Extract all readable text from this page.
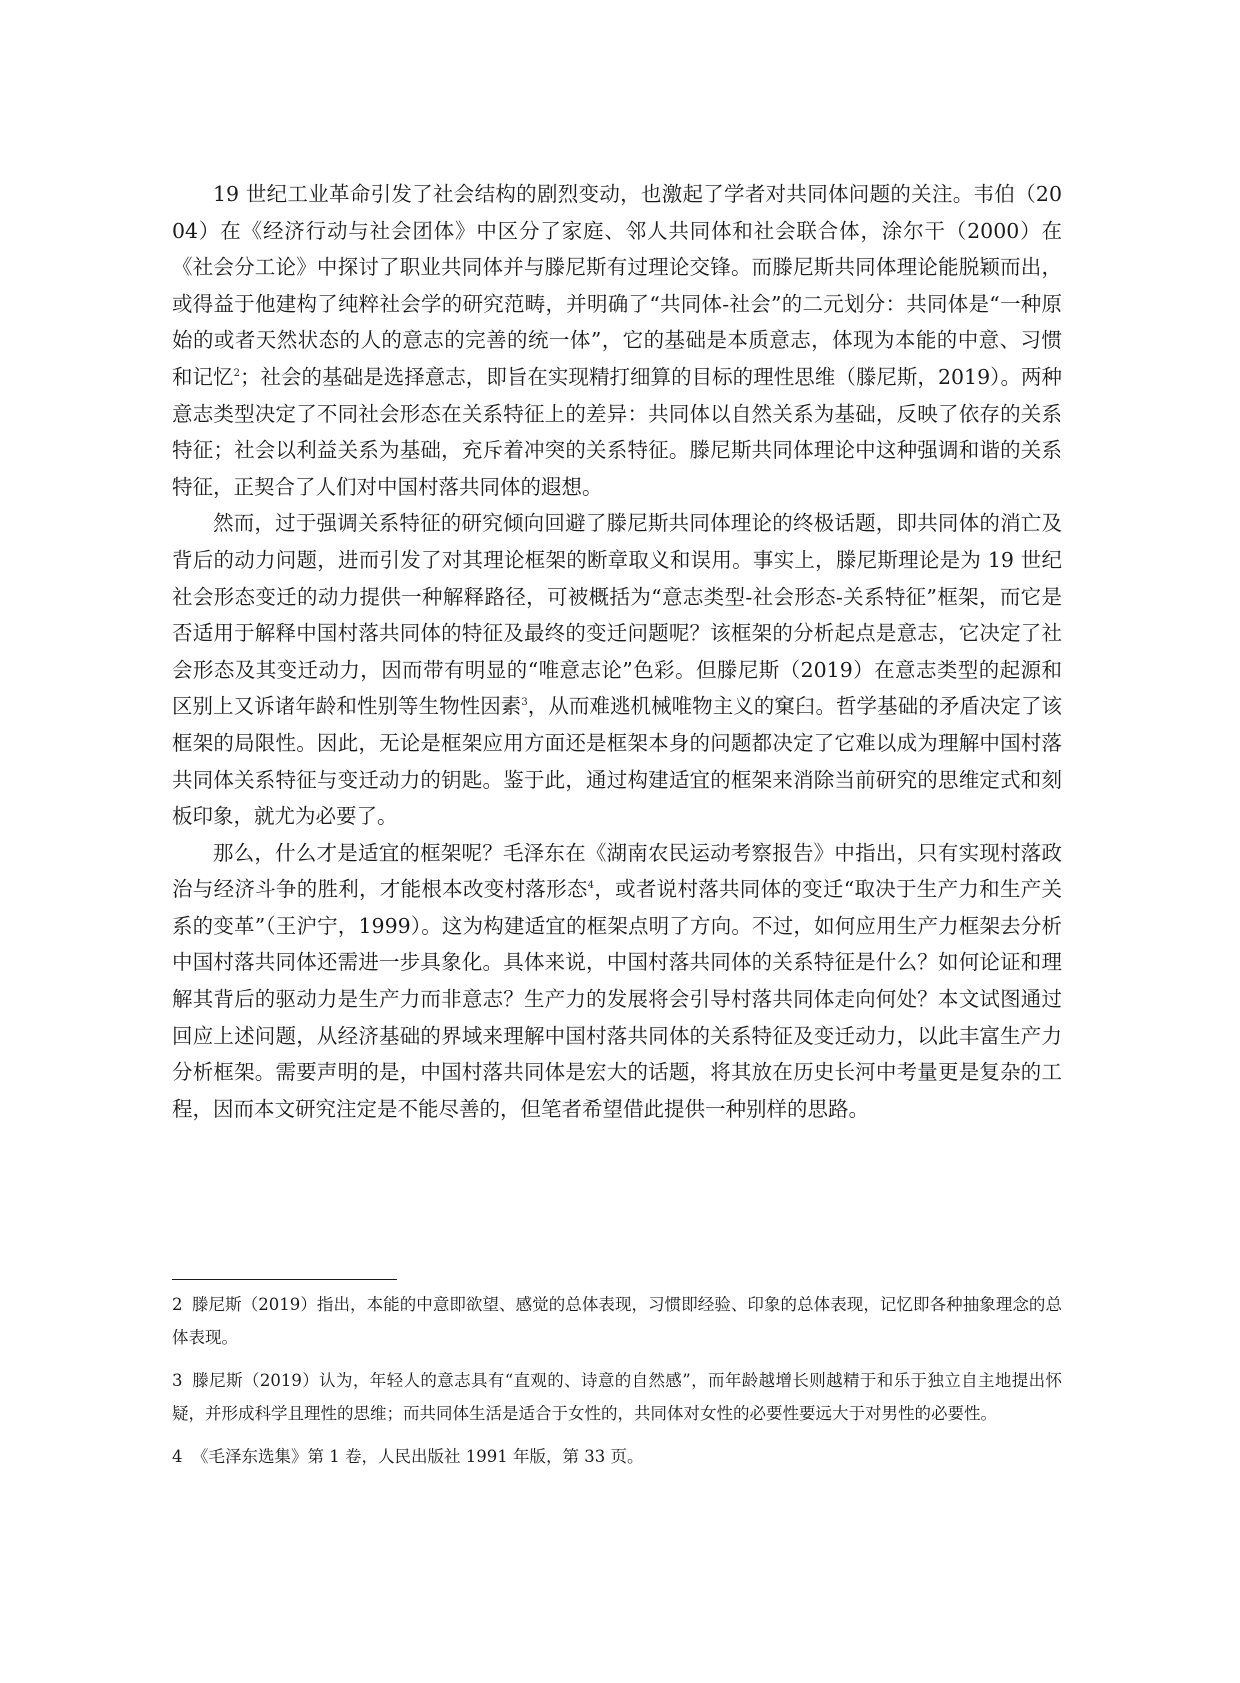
19 世纪工业革命引发了社会结构的剧烈变动，也激起了学者对共同体问题的关注。韦伯（2004）在《经济行动与社会团体》中区分了家庭、邻人共同体和社会联合体，涂尔干（2000）在《社会分工论》中探讨了职业共同体并与滕尼斯有过理论交锋。而滕尼斯共同体理论能脱颖而出，或得益于他建构了纯粹社会学的研究范畴，并明确了“共同体-社会”的二元划分：共同体是“一种原始的或者天然状态的人的意志的完善的统一体”，它的基础是本质意志，体现为本能的中意、习惯和记忆$^2$；社会的基础是选择意志，即旨在实现精打细算的目标的理性思维（滕尼斯，2019）。两种意志类型决定了不同社会形态在关系特征上的差异：共同体以自然关系为基础，反映了依存的关系特征；社会以利益关系为基础，充斥着冲突的关系特征。滕尼斯共同体理论中这种强调和谐的关系特征，正契合了人们对中国村落共同体的遐想。

然而，过于强调关系特征的研究倾向回避了滕尼斯共同体理论的终极话题，即共同体的消亡及背后的动力问题，进而引发了对其理论框架的断章取义和误用。事实上，滕尼斯理论是为 19 世纪社会形态变迁的动力提供一种解释路径，可被概括为“意志类型-社会形态-关系特征”框架，而它是否适用于解释中国村落共同体的特征及最终的变迁问题呢？该框架的分析起点是意志，它决定了社会形态及其变迁动力，因而带有明显的“唯意志论”色彩。但滕尼斯（2019）在意志类型的起源和区别上又诉诸年龄和性别等生物性因素$^3$，从而难逃机械唯物主义的窠臼。哲学基础的矛盾决定了该框架的局限性。因此，无论是框架应用方面还是框架本身的问题都决定了它难以成为理解中国村落共同体关系特征与变迁动力的钥匙。鉴于此，通过构建适宜的框架来消除当前研究的思维定式和刻板印象，就尤为必要了。

那么，什么才是适宜的框架呢？毛泽东在《湖南农民运动考察报告》中指出，只有实现村落政治与经济斗争的胜利，才能根本改变村落形态$^4$，或者说村落共同体的变迁“取决于生产力和生产关系的变革”（王沪宁，1999）。这为构建适宜的框架点明了方向。不过，如何应用生产力框架去分析中国村落共同体还需进一步具象化。具体来说，中国村落共同体的关系特征是什么？如何论证和理解其背后的驱动力是生产力而非意志？生产力的发展将会引导村落共同体走向何处？本文试图通过回应上述问题，从经济基础的界域来理解中国村落共同体的关系特征及变迁动力，以此丰富生产力分析框架。需要声明的是，中国村落共同体是宏大的话题，将其放在历史长河中考量更是复杂的工程，因而本文研究注定是不能尽善的，但笔者希望借此提供一种别样的思路。

2 滕尼斯（2019）指出，本能的中意即欲望、感觉的总体表现，习惯即经验、印象的总体表现，记忆即各种抽象理念的总体表现。

3 滕尼斯（2019）认为，年轻人的意志具有“直观的、诗意的自然感”，而年龄越增长则越精于和乐于独立自主地提出怀疑，并形成科学且理性的思维；而共同体生活是适合于女性的，共同体对女性的必要性要远大于对男性的必要性。

4 《毛泽东选集》第 1 卷，人民出版社 1991 年版，第 33 页。
